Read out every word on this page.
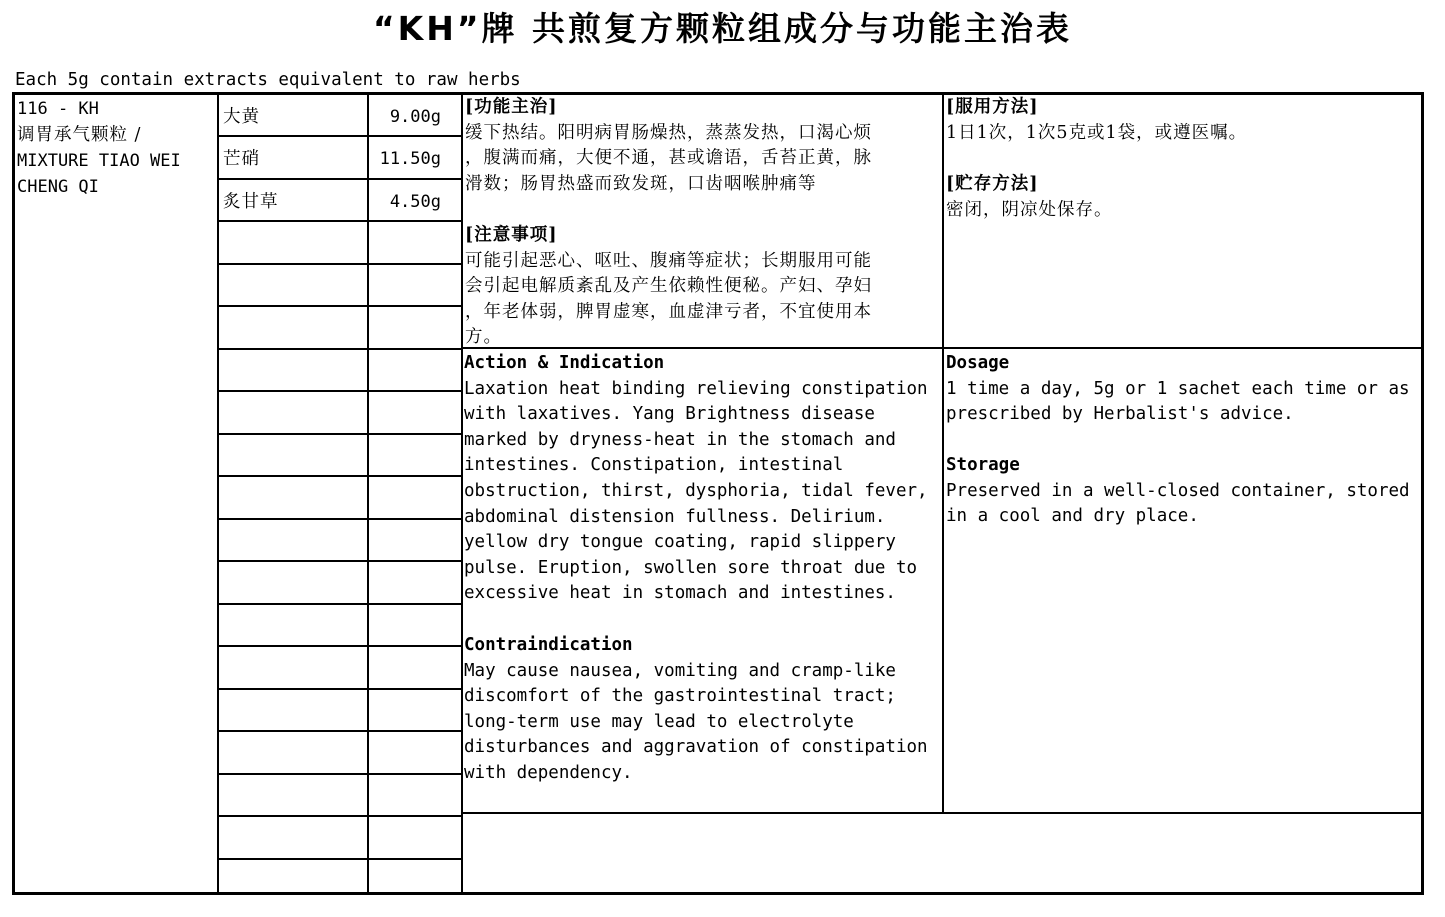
“KH”牌 共煎复方颗粒组成分与功能主治表
Each 5g contain extracts equivalent to raw herbs
116 - KH
调胃承气颗粒 /
MIXTURE TIAO WEI
CHENG QI
大黄	9.00g
芒硝	11.50g
炙甘草	4.50g
[功能主治]
缓下热结。阳明病胃肠燥热，蒸蒸发热，口渴心烦
，腹满而痛，大便不通，甚或谵语，舌苔正黄，脉
滑数；肠胃热盛而致发斑，口齿咽喉肿痛等
[注意事项]
可能引起恶心、呕吐、腹痛等症状；长期服用可能
会引起电解质紊乱及产生依赖性便秘。产妇、孕妇
，年老体弱，脾胃虚寒，血虚津亏者，不宜使用本
方。
[服用方法]
1日1次，1次5克或1袋，或遵医嘱。
[贮存方法]
密闭，阴凉处保存。
Action & Indication
Laxation heat binding relieving constipation
with laxatives. Yang Brightness disease
marked by dryness-heat in the stomach and
intestines. Constipation, intestinal
obstruction, thirst, dysphoria, tidal fever,
abdominal distension fullness. Delirium.
yellow dry tongue coating, rapid slippery
pulse. Eruption, swollen sore throat due to
excessive heat in stomach and intestines.
Contraindication
May cause nausea, vomiting and cramp-like
discomfort of the gastrointestinal tract;
long-term use may lead to electrolyte
disturbances and aggravation of constipation
with dependency.
Dosage
1 time a day, 5g or 1 sachet each time or as
prescribed by Herbalist's advice.
Storage
Preserved in a well-closed container, stored
in a cool and dry place.
